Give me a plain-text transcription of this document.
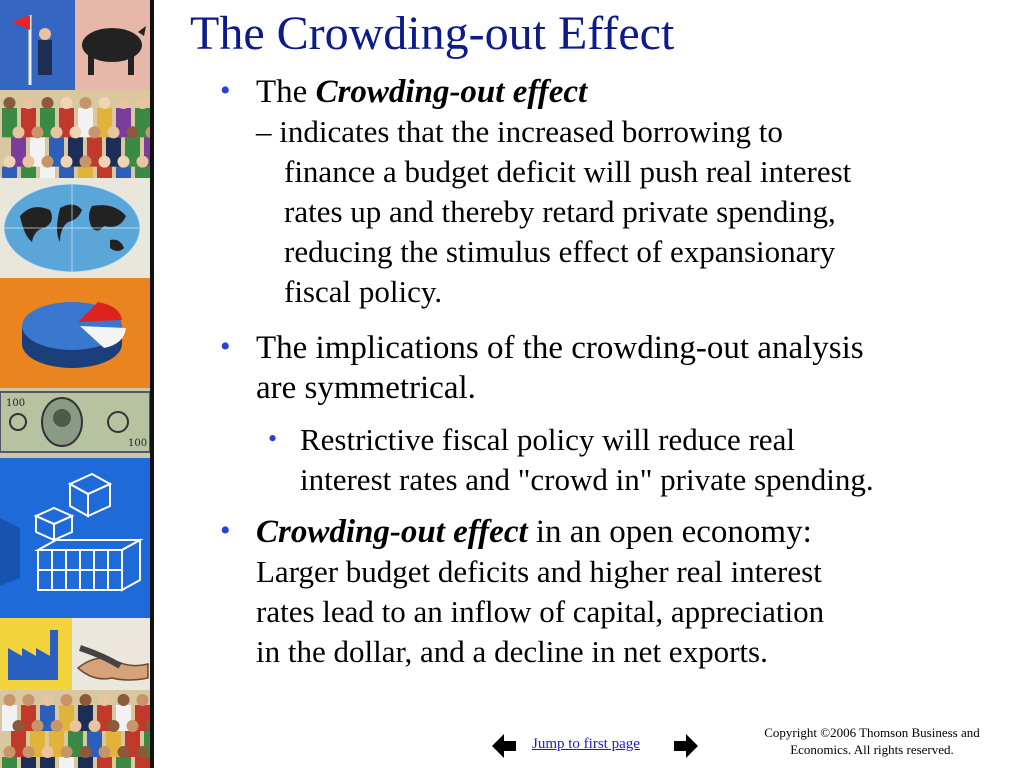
100
100
The Crowding-out Effect
• The Crowding-out effect
– indicates that the increased borrowing to
finance a budget deficit will push real interest
rates up and thereby retard private spending,
reducing the stimulus effect of expansionary
fiscal policy.
• The implications of the crowding-out analysis
are symmetrical.
• Restrictive fiscal policy will reduce real
interest rates and "crowd in" private spending.
• Crowding-out effect in an open economy:
Larger budget deficits and higher real interest
rates lead to an inflow of capital, appreciation
in the dollar, and a decline in net exports.
Jump to first page
Copyright ©2006 Thomson Business and
Economics. All rights reserved.
